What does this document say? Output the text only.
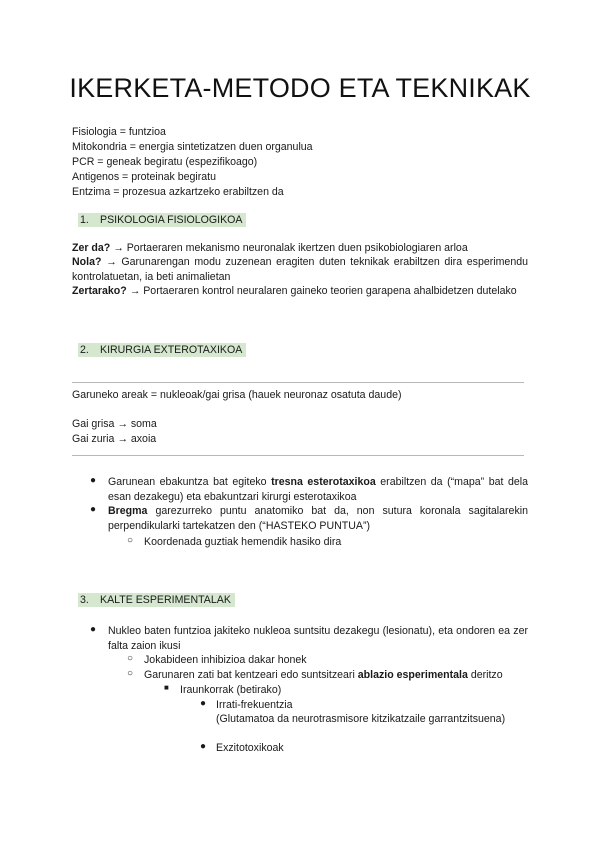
IKERKETA-METODO ETA TEKNIKAK
Fisiologia = funtzioa
Mitokondria = energia sintetizatzen duen organulua
PCR = geneak begiratu (espezifikoago)
Antigenos = proteinak begiratu
Entzima = prozesua azkartzeko erabiltzen da
1. PSIKOLOGIA FISIOLOGIKOA
Zer da? → Portaeraren mekanismo neuronalak ikertzen duen psikobiologiaren arloa
Nola? → Garunarengan modu zuzenean eragiten duten teknikak erabiltzen dira esperimendu kontrolatuetan, ia beti animalietan
Zertarako? → Portaeraren kontrol neuralaren gaineko teorien garapena ahalbidetzen dutelako
2. KIRURGIA EXTEROTAXIKOA
Garuneko areak = nukleoak/gai grisa (hauek neuronaz osatuta daude)
Gai grisa → soma
Gai zuria → axoia
● Garunean ebakuntza bat egiteko tresna esterotaxikoa erabiltzen da (“mapa” bat dela esan dezakegu) eta ebakuntzari kirurgi esterotaxikoa
● Bregma garezurreko puntu anatomiko bat da, non sutura koronala sagitalarekin perpendikularki tartekatzen den (“HASTEKO PUNTUA”)
○ Koordenada guztiak hemendik hasiko dira
3. KALTE ESPERIMENTALAK
● Nukleo baten funtzioa jakiteko nukleoa suntsitu dezakegu (lesionatu), eta ondoren ea zer falta zaion ikusi
○ Jokabideen inhibizioa dakar honek
○ Garunaren zati bat kentzeari edo suntsitzeari ablazio esperimentala deritzo
■ Iraunkorrak (betirako)
● Irrati-frekuentzia
(Glutamatoa da neurotrasmisore kitzikatzaile garrantzitsuena)
● Exzitotoxikoak
